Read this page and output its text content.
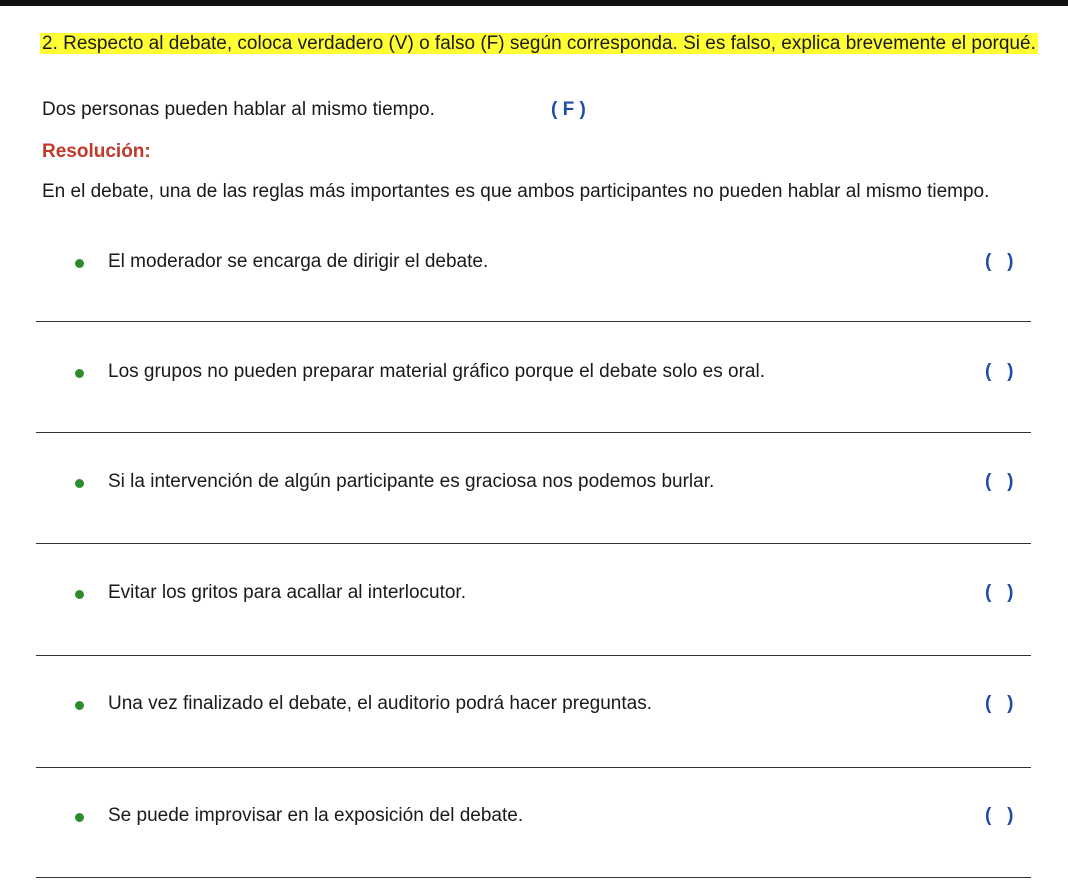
2. Respecto al debate, coloca verdadero (V) o falso (F) según corresponda. Si es falso, explica brevemente el porqué.
Dos personas pueden hablar al mismo tiempo.	( F )
Resolución:
En el debate, una de las reglas más importantes es que ambos participantes no pueden hablar al mismo tiempo.
El moderador se encarga de dirigir el debate.	(   )
Los grupos no pueden preparar material gráfico porque el debate solo es oral.	(   )
Si la intervención de algún participante es graciosa nos podemos burlar.	(   )
Evitar los gritos para acallar al interlocutor.	(   )
Una vez finalizado el debate, el auditorio podrá hacer preguntas.	(   )
Se puede improvisar en la exposición del debate.	(   )
